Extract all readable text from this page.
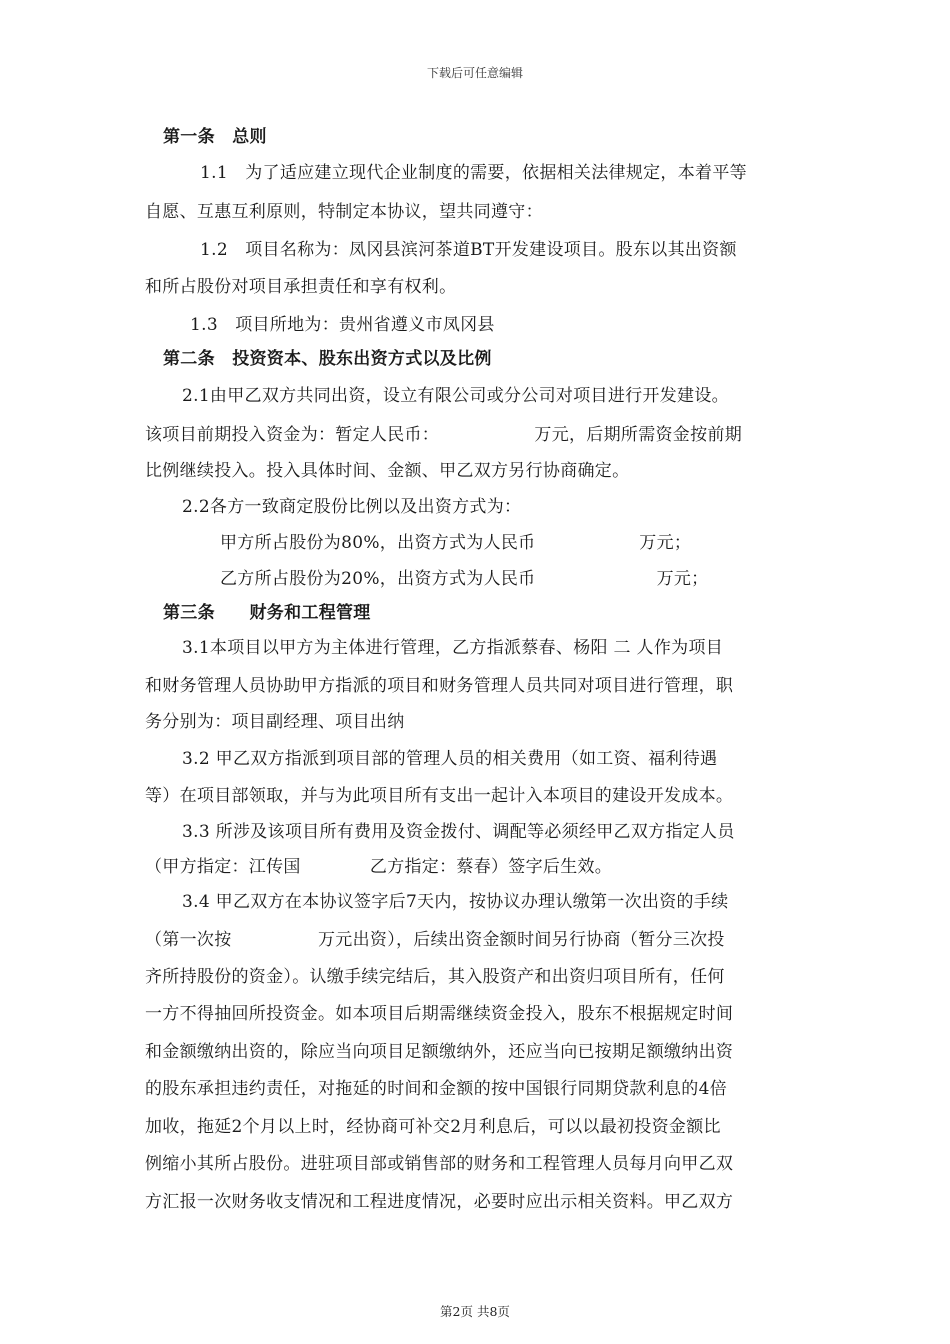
下载后可任意编辑
第一条　总则
1.1　为了适应建立现代企业制度的需要，依据相关法律规定，本着平等
自愿、互惠互利原则，特制定本协议，望共同遵守：
1.2　项目名称为：凤冈县滨河茶道BT开发建设项目。股东以其出资额
和所占股份对项目承担责任和享有权利。
1.3　项目所地为：贵州省遵义市凤冈县
第二条　投资资本、股东出资方式以及比例
2.1由甲乙双方共同出资，设立有限公司或分公司对项目进行开发建设。
该项目前期投入资金为：暂定人民币：　　　　　　万元，后期所需资金按前期
比例继续投入。投入具体时间、金额、甲乙双方另行协商确定。
2.2各方一致商定股份比例以及出资方式为：
甲方所占股份为80%，出资方式为人民币　　　　　　万元；
乙方所占股份为20%，出资方式为人民币　　　　　　　万元；
第三条　　财务和工程管理
3.1本项目以甲方为主体进行管理，乙方指派蔡春、杨阳 二 人作为项目
和财务管理人员协助甲方指派的项目和财务管理人员共同对项目进行管理，职
务分别为：项目副经理、项目出纳
3.2 甲乙双方指派到项目部的管理人员的相关费用（如工资、福利待遇
等）在项目部领取，并与为此项目所有支出一起计入本项目的建设开发成本。
3.3 所涉及该项目所有费用及资金拨付、调配等必须经甲乙双方指定人员
（甲方指定：江传国　　　　乙方指定：蔡春）签字后生效。
3.4 甲乙双方在本协议签字后7天内，按协议办理认缴第一次出资的手续
（第一次按　　　　　万元出资），后续出资金额时间另行协商（暂分三次投
齐所持股份的资金）。认缴手续完结后，其入股资产和出资归项目所有，任何
一方不得抽回所投资金。如本项目后期需继续资金投入，股东不根据规定时间
和金额缴纳出资的，除应当向项目足额缴纳外，还应当向已按期足额缴纳出资
的股东承担违约责任，对拖延的时间和金额的按中国银行同期贷款利息的4倍
加收，拖延2个月以上时，经协商可补交2月利息后，可以以最初投资金额比
例缩小其所占股份。进驻项目部或销售部的财务和工程管理人员每月向甲乙双
方汇报一次财务收支情况和工程进度情况，必要时应出示相关资料。甲乙双方
第2页 共8页
